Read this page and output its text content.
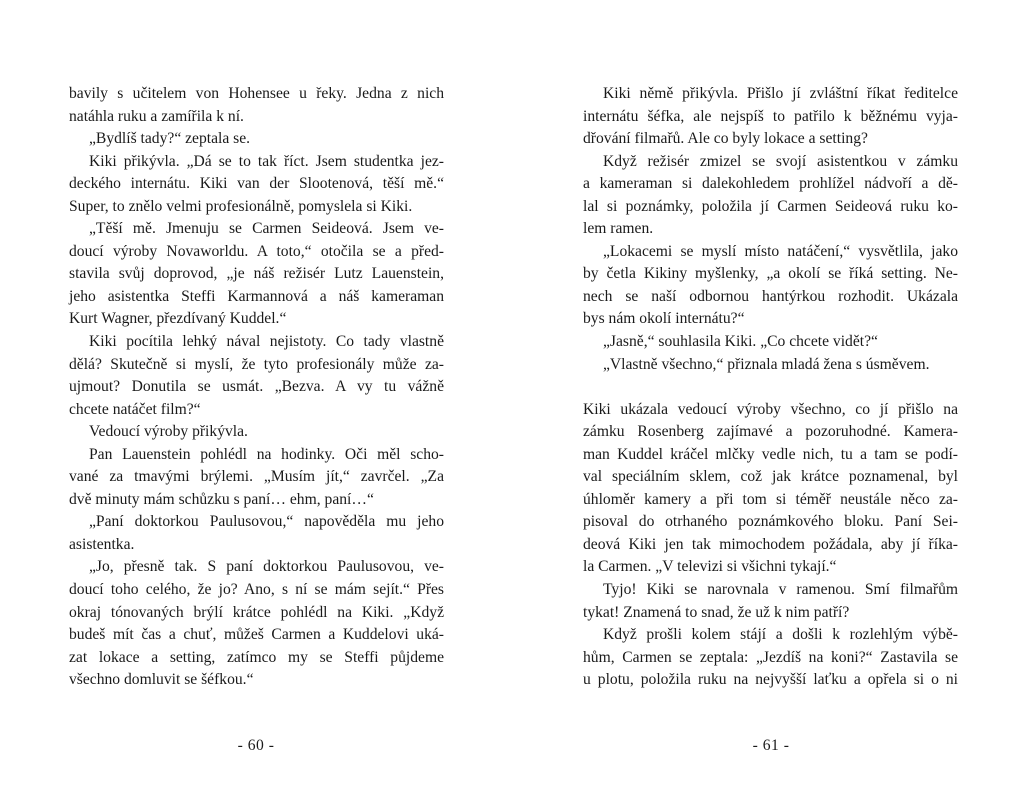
bavily s učitelem von Hohensee u řeky. Jedna z nich
natáhla ruku a zamířila k ní.
„Bydlíš tady?“ zeptala se.
Kiki přikývla. „Dá se to tak říct. Jsem studentka jez-
deckého internátu. Kiki van der Slootenová, těší mě.“
Super, to znělo velmi profesionálně, pomyslela si Kiki.
„Těší mě. Jmenuju se Carmen Seideová. Jsem ve-
doucí výroby Novaworldu. A toto,“ otočila se a před-
stavila svůj doprovod, „je náš režisér Lutz Lauenstein,
jeho asistentka Steffi Karmannová a náš kameraman
Kurt Wagner, přezdívaný Kuddel.“
Kiki pocítila lehký nával nejistoty. Co tady vlastně
dělá? Skutečně si myslí, že tyto profesionály může za-
ujmout? Donutila se usmát. „Bezva. A vy tu vážně
chcete natáčet film?“
Vedoucí výroby přikývla.
Pan Lauenstein pohlédl na hodinky. Oči měl scho-
vané za tmavými brýlemi. „Musím jít,“ zavrčel. „Za
dvě minuty mám schůzku s paní… ehm, paní…“
„Paní doktorkou Paulusovou,“ napověděla mu jeho
asistentka.
„Jo, přesně tak. S paní doktorkou Paulusovou, ve-
doucí toho celého, že jo? Ano, s ní se mám sejít.“ Přes
okraj tónovaných brýlí krátce pohlédl na Kiki. „Když
budeš mít čas a chuť, můžeš Carmen a Kuddelovi uká-
zat lokace a setting, zatímco my se Steffi půjdeme
všechno domluvit se šéfkou.“
- 60 -
Kiki němě přikývla. Přišlo jí zvláštní říkat ředitelce
internátu šéfka, ale nejspíš to patřilo k běžnému vyja-
dřování filmařů. Ale co byly lokace a setting?
Když režisér zmizel se svojí asistentkou v zámku
a kameraman si dalekohledem prohlížel nádvoří a dě-
lal si poznámky, položila jí Carmen Seideová ruku ko-
lem ramen.
„Lokacemi se myslí místo natáčení,“ vysvětlila, jako
by četla Kikiny myšlenky, „a okolí se říká setting. Ne-
nech se naší odbornou hantýrkou rozhodit. Ukázala
bys nám okolí internátu?“
„Jasně,“ souhlasila Kiki. „Co chcete vidět?“
„Vlastně všechno,“ přiznala mladá žena s úsměvem.
Kiki ukázala vedoucí výroby všechno, co jí přišlo na
zámku Rosenberg zajímavé a pozoruhodné. Kamera-
man Kuddel kráčel mlčky vedle nich, tu a tam se podí-
val speciálním sklem, což jak krátce poznamenal, byl
úhloměr kamery a při tom si téměř neustále něco za-
pisoval do otrhaného poznámkového bloku. Paní Sei-
deová Kiki jen tak mimochodem požádala, aby jí říka-
la Carmen. „V televizi si všichni tykají.“
Tyjo! Kiki se narovnala v ramenou. Smí filmařům
tykat! Znamená to snad, že už k nim patří?
Když prošli kolem stájí a došli k rozlehlým výbě-
hům, Carmen se zeptala: „Jezdíš na koni?“ Zastavila se
u plotu, položila ruku na nejvyšší laťku a opřela si o ni
- 61 -
